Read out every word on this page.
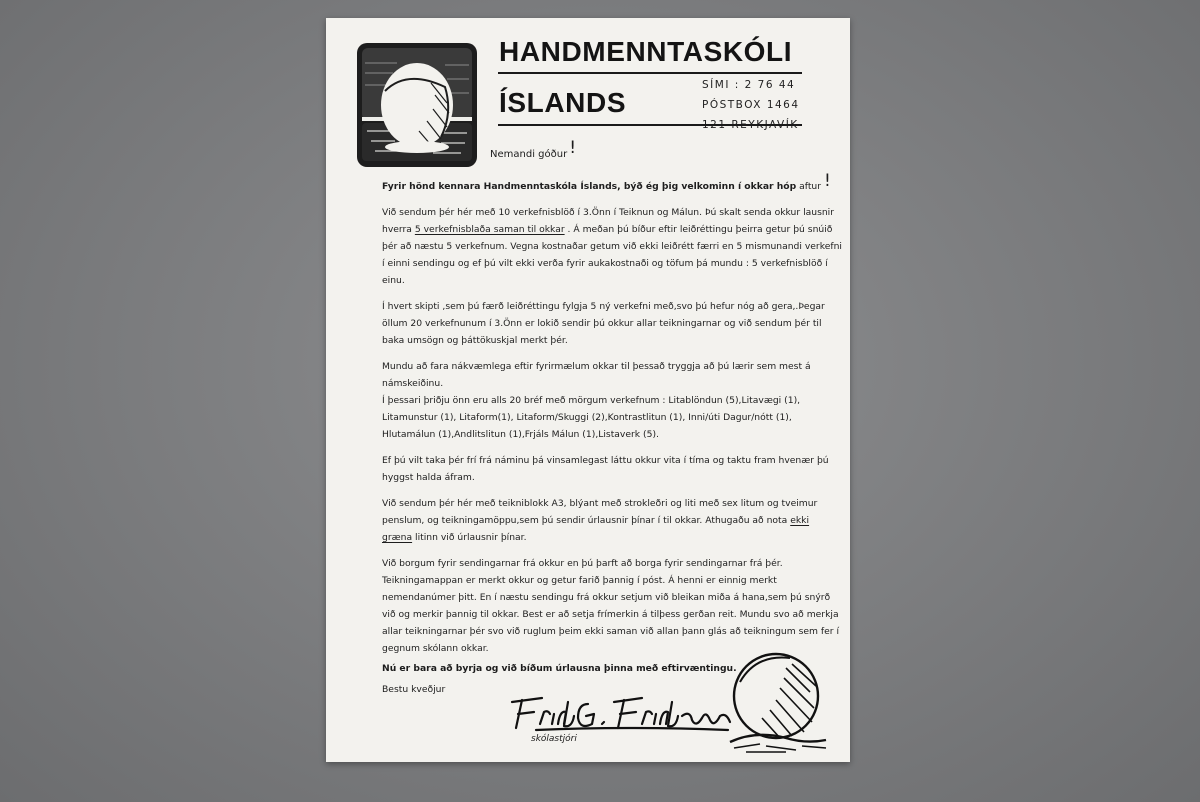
HANDMENNTASKÓLI
ÍSLANDS
SÍMI : 2 76 44
PÓSTBOX 1464
Nemandi góður !

Fyrir hönd kennara Handmenntaskóla Íslands, býð ég þig velkominn í okkar hóp aftur !

Við sendum þér hér með 10 verkefnisblöð í 3.Önn í Teiknun og Málun. Þú skalt senda okkur lausnir hverra 5 verkefnisblaða saman til okkar . Á meðan þú bíður eftir leiðréttingu þeirra getur þú snúið þér að næstu 5 verkefnum. Vegna kostnaðar getum við ekki leiðrétt færri en 5 mismunandi verkefni í einni sendingu og ef þú vilt ekki verða fyrir aukakostnaði og töfum þá mundu : 5 verkefnisblöð í einu.

Í hvert skipti ,sem þú færð leiðréttingu fylgja 5 ný verkefni með,svo þú hefur nóg að gera,.Þegar öllum 20 verkefnunum í 3.Önn er lokið sendir þú okkur allar teikningarnar og við sendum þér til baka umsögn og þáttökuskjal merkt þér.

Mundu að fara nákvæmlega eftir fyrirmælum okkar til þessað tryggja að þú lærir sem mest á námskeiðinu.

Í þessari þriðju önn eru alls 20 bréf með mörgum verkefnum : Litablöndun (5),Litavægi (1), Litamunstur (1), Litaform(1), Litaform/Skuggi (2),Kontrastlitun (1), Inni/úti Dagur/nótt (1), Hlutamálun (1),Andlitslitun (1),Frjáls Málun (1),Listaverk (5).

Ef þú vilt taka þér frí frá náminu þá vinsamlegast láttu okkur vita í tíma og taktu fram hvenær þú hyggst halda áfram.

Við sendum þér hér með teikniblokk A3, blýant með strokleðri og liti með sex litum og tveimur penslum, og teikningamöppu,sem þú sendir úrlausnir þínar í til okkar. Athugaðu að nota ekki græna litinn við úrlausnir þínar.

Við borgum fyrir sendingarnar frá okkur en þú þarft að borga fyrir sendingarnar frá þér. Teikningamappan er merkt okkur og getur farið þannig í póst. Á henni er einnig merkt nemendanúmer þitt. En í næstu sendingu frá okkur setjum við bleikan miða á hana,sem þú snýrð við og merkir þannig til okkar. Best er að setja frímerkin á tilþess gerðan reit. Mundu svo að merkja allar teikningarnar þér svo við ruglum þeim ekki saman við allan þann glás að teikningum sem fer í gegnum skólann okkar.

Nú er bara að byrja og við bíðum úrlausna þinna með eftirvæntingu.
Bestu kveðjur
skólastjóri
